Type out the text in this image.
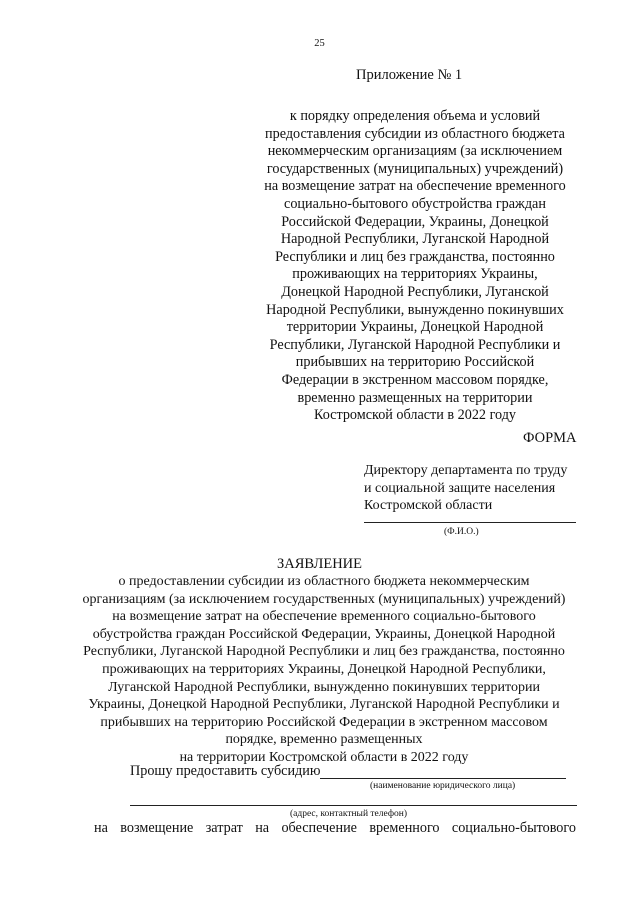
25
Приложение № 1
к порядку определения объема и условий
предоставления субсидии из областного бюджета
некоммерческим организациям (за исключением
государственных (муниципальных) учреждений)
на возмещение затрат на обеспечение временного
социально-бытового обустройства граждан
Российской Федерации, Украины, Донецкой
Народной Республики, Луганской Народной
Республики и лиц без гражданства, постоянно
проживающих на территориях Украины,
Донецкой Народной Республики, Луганской
Народной Республики, вынужденно покинувших
территории Украины, Донецкой Народной
Республики, Луганской Народной Республики и
прибывших на территорию Российской
Федерации в экстренном массовом порядке,
временно размещенных на территории
Костромской области в 2022 году
ФОРМА
Директору департамента по труду
и социальной защите населения
Костромской области
(Ф.И.О.)
ЗАЯВЛЕНИЕ
о предоставлении субсидии из областного бюджета некоммерческим
организациям (за исключением государственных (муниципальных) учреждений)
на возмещение затрат на обеспечение временного социально-бытового
обустройства граждан Российской Федерации, Украины, Донецкой Народной
Республики, Луганской Народной Республики и лиц без гражданства, постоянно
проживающих на территориях Украины, Донецкой Народной Республики,
Луганской Народной Республики, вынужденно покинувших территории
Украины, Донецкой Народной Республики, Луганской Народной Республики и
прибывших на территорию Российской Федерации в экстренном массовом
порядке, временно размещенных
на территории Костромской области в 2022 году
Прошу предоставить субсидию
(наименование юридического лица)
(адрес, контактный телефон)
на возмещение затрат на обеспечение временного социально-бытового
